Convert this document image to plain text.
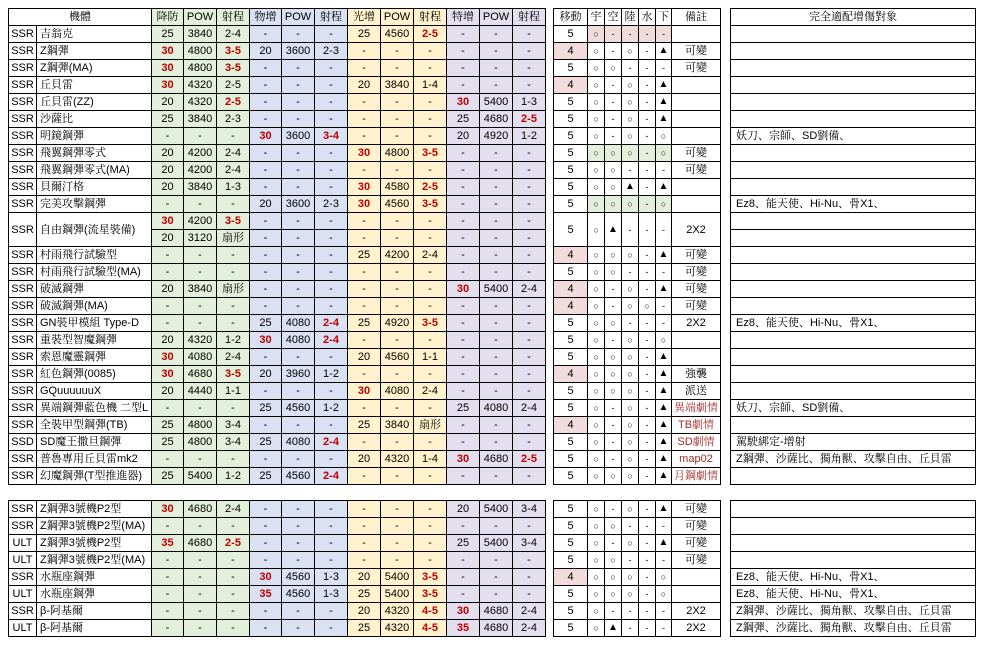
機體		降防	POW	射程	物增	POW	射程	光增	POW	射程	特增	POW	射程		移動	宇	空	陸	水	下	備註		完全適配增傷對象
SSR	吉翁克	25	3840	2-4	-	-	-	25	4560	2-5	-	-	-		5	○	-	-	-	-			
SSR	Z鋼彈	30	4800	3-5	20	3600	2-3	-	-	-	-	-	-		4	○	-	○	-	▲	可變		
SSR	Z鋼彈(MA)	30	4800	3-5	-	-	-	-	-	-	-	-	-		5	○	○	-	-	-	可變		
SSR	丘貝雷	30	4320	2-5	-	-	-	20	3840	1-4	-	-	-		4	○	-	○	-	▲			
SSR	丘貝雷(ZZ)	20	4320	2-5	-	-	-	-	-	-	30	5400	1-3		5	○	-	○	-	▲			
SSR	沙薩比	25	3840	2-3	-	-	-	-	-	-	25	4680	2-5		5	○	-	○	-	▲			
SSR	明鏡鋼彈	-	-	-	30	3600	3-4	-	-	-	20	4920	1-2		5	○	-	○	-	○			妖刀、宗師、SD劉備、
SSR	飛翼鋼彈零式	20	4200	2-4	-	-	-	30	4800	3-5	-	-	-		5	○	○	○	-	○	可變		
SSR	飛翼鋼彈零式(MA)	20	4200	2-4	-	-	-	-	-	-	-	-	-		5	○	○	-	-	-	可變		
SSR	貝爾汀格	20	3840	1-3	-	-	-	30	4580	2-5	-	-	-		5	○	○	▲	-	▲			
SSR	完美攻擊鋼彈	-	-	-	20	3600	2-3	30	4560	3-5	-	-	-		5	○	○	○	-	○			Ez8、能天使、Hi-Nu、骨X1、
SSR	自由鋼彈(流星裝備)	30	4200	3-5	-	-	-	-	-	-	-	-	-		5	○	▲	-	-	-	2X2		
		20	3120	扇形	-	-	-	-	-	-	-	-	-										
SSR	村雨飛行試驗型	-	-	-	-	-	-	25	4200	2-4	-	-	-		4	○	○	○	-	▲	可變		
SSR	村雨飛行試驗型(MA)	-	-	-	-	-	-	-	-	-	-	-	-		5	○	○	-	-	-	可變		
SSR	破滅鋼彈	20	3840	扇形	-	-	-	-	-	-	30	5400	2-4		4	○	-	○	-	▲	可變		
SSR	破滅鋼彈(MA)	-	-	-	-	-	-	-	-	-	-	-	-		4	○	-	○	○	-	可變		
SSR	GN裝甲模組 Type-D	-	-	-	25	4080	2-4	25	4920	3-5	-	-	-		5	○	○	-	-	-	2X2		Ez8、能天使、Hi-Nu、骨X1、
SSR	重裝型智魔鋼彈	20	4320	1-2	30	4080	2-4	-	-	-	-	-	-		5	○	-	○	-	○			
SSR	索恩魔靈鋼彈	30	4080	2-4	-	-	-	20	4560	1-1	-	-	-		5	○	○	○	-	▲			
SSR	紅色鋼彈(0085)	30	4680	3-5	20	3960	1-2	-	-	-	-	-	-		4	○	○	○	-	▲	強襲		
SSR	GQuuuuuuX	20	4440	1-1	-	-	-	30	4080	2-4	-	-	-		5	○	○	○	-	▲	派送		
SSR	異端鋼彈藍色機 二型L	-	-	-	25	4560	1-2	-	-	-	25	4080	2-4		5	○	-	○	-	▲	異端劇情		妖刀、宗師、SD劉備、
SSR	全裝甲型鋼彈(TB)	25	4800	3-4	-	-	-	25	3840	扇形	-	-	-		4	○	-	○	-	▲	TB劇情		
SSD	SD魔王撒旦鋼彈	25	4800	3-4	25	4080	2-4	-	-	-	-	-	-		5	○	-	○	-	▲	SD劇情		駕駛綁定-增射
SSR	普魯專用丘貝雷mk2	-	-	-	-	-	-	20	4320	1-4	30	4680	2-5		5	○	-	○	-	▲	map02		Z鋼彈、沙薩比、獨角獸、攻擊自由、丘貝雷
SSR	幻魔鋼彈(T型推進器)	25	5400	1-2	25	4560	2-4	-	-	-	-	-	-		5	○	○	○	-	▲	月鋼劇情		
SSR	Z鋼彈3號機P2型	30	4680	2-4	-	-	-	-	-	-	20	5400	3-4		5	○	-	○	-	▲	可變		
SSR	Z鋼彈3號機P2型(MA)	-	-	-	-	-	-	-	-	-	-	-	-		5	○	○	-	-	-	可變		
ULT	Z鋼彈3號機P2型	35	4680	2-5	-	-	-	-	-	-	25	5400	3-4		5	○	-	○	-	▲	可變		
ULT	Z鋼彈3號機P2型(MA)	-	-	-	-	-	-	-	-	-	-	-	-		5	○	○	-	-	-	可變		
SSR	水瓶座鋼彈	-	-	-	30	4560	1-3	20	5400	3-5	-	-	-		4	○	○	○	-	○			Ez8、能天使、Hi-Nu、骨X1、
ULT	水瓶座鋼彈	-	-	-	35	4560	1-3	25	5400	3-5	-	-	-		5	○	○	○	-	○			Ez8、能天使、Hi-Nu、骨X1、
SSR	β-阿基爾	-	-	-	-	-	-	20	4320	4-5	30	4680	2-4		5	○	-	-	-	-	2X2		Z鋼彈、沙薩比、獨角獸、攻擊自由、丘貝雷
ULT	β-阿基爾	-	-	-	-	-	-	25	4320	4-5	35	4680	2-4		5	○	▲	-	-	-	2X2		Z鋼彈、沙薩比、獨角獸、攻擊自由、丘貝雷
